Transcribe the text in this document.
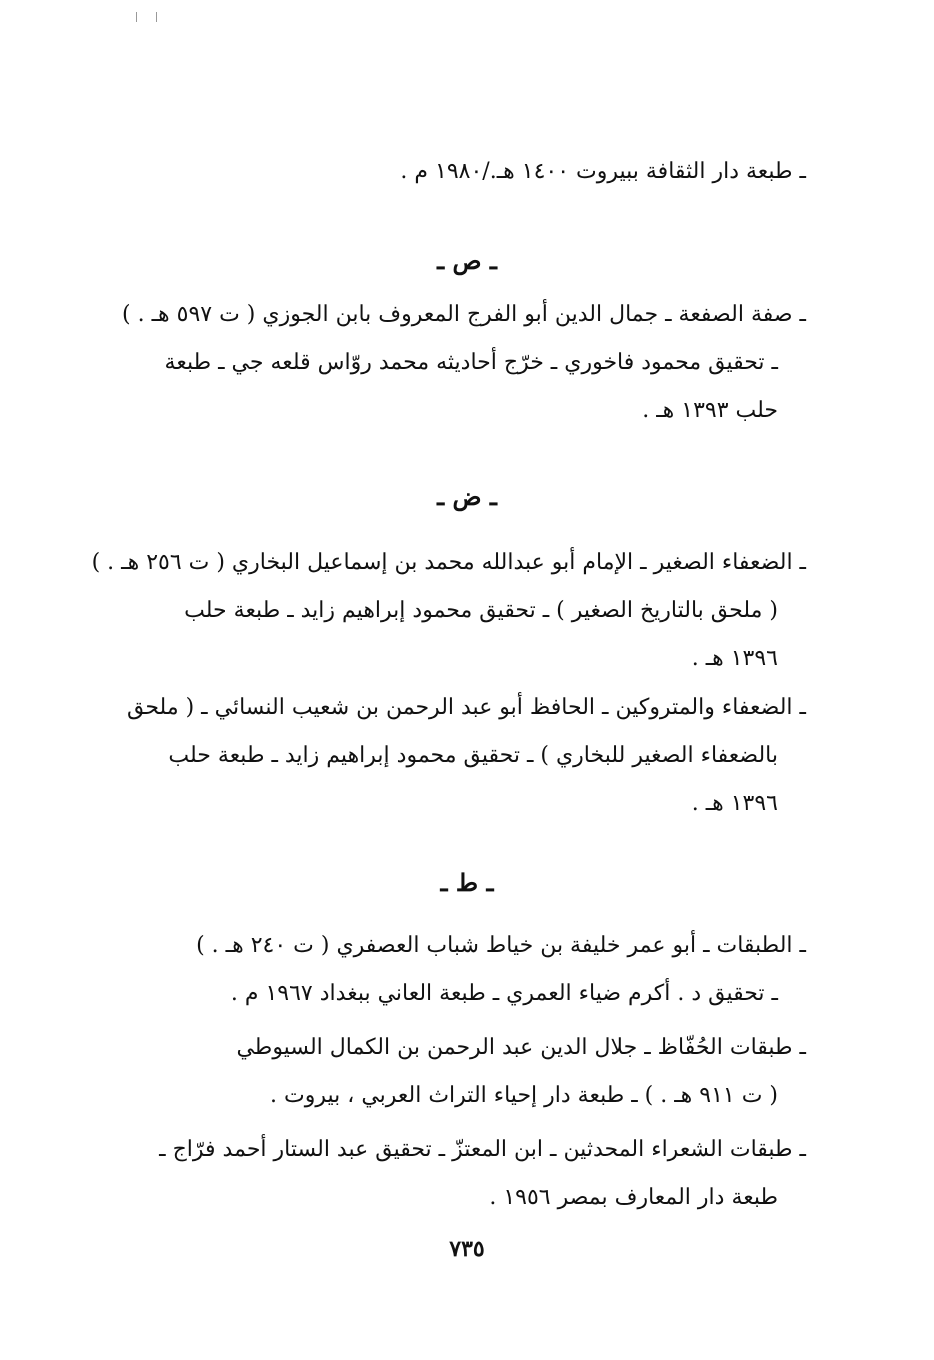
ـ طبعة دار الثقافة ببيروت ١٤٠٠ هـ./١٩٨٠ م .
ـ ص ـ
ـ صفة الصفعة ـ جمال الدين أبو الفرج المعروف بابن الجوزي ( ت ٥٩٧ هـ . )
ـ تحقيق محمود فاخوري ـ خرّج أحاديثه محمد روّاس قلعه جي ـ طبعة
حلب ١٣٩٣ هـ .
ـ ض ـ
ـ الضعفاء الصغير ـ الإمام أبو عبدالله محمد بن إسماعيل البخاري ( ت ٢٥٦ هـ . )
( ملحق بالتاريخ الصغير ) ـ تحقيق محمود إبراهيم زايد ـ طبعة حلب
١٣٩٦ هـ .
ـ الضعفاء والمتروكين ـ الحافظ أبو عبد الرحمن بن شعيب النسائي ـ ( ملحق
بالضعفاء الصغير للبخاري ) ـ تحقيق محمود إبراهيم زايد ـ طبعة حلب
١٣٩٦ هـ .
ـ ط ـ
ـ الطبقات ـ أبو عمر خليفة بن خياط شباب العصفري ( ت ٢٤٠ هـ . )
ـ تحقيق د . أكرم ضياء العمري ـ طبعة العاني ببغداد ١٩٦٧ م .
ـ طبقات الحُفّاظ ـ جلال الدين عبد الرحمن بن الكمال السيوطي
( ت ٩١١ هـ . ) ـ طبعة دار إحياء التراث العربي ، بيروت .
ـ طبقات الشعراء المحدثين ـ ابن المعتزّ ـ تحقيق عبد الستار أحمد فرّاج ـ
طبعة دار المعارف بمصر ١٩٥٦ .
٧٣٥
